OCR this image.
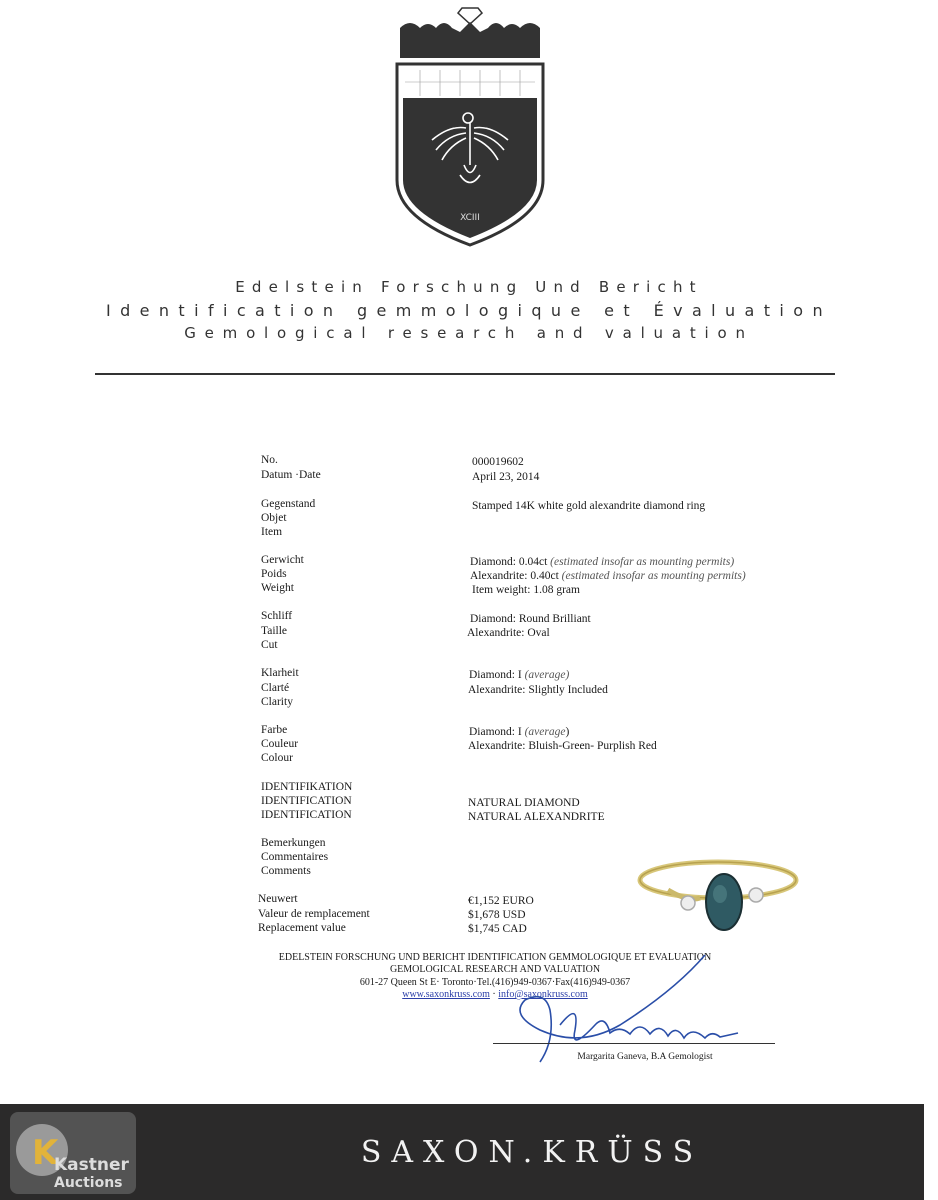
XCIII
Edelstein Forschung Und Bericht
Identification gemmologique et Évaluation
Gemological research and valuation
No.	000019602
Datum ·Date	April 23, 2014
Gegenstand
Objet
Item
Stamped 14K white gold alexandrite diamond ring
Gerwicht
Poids
Weight
Diamond: 0.04ct (estimated insofar as mounting permits)
Alexandrite: 0.40ct (estimated insofar as mounting permits)
Item weight: 1.08 gram
Schliff
Taille
Cut
Diamond: Round Brilliant
Alexandrite: Oval
Klarheit
Clarté
Clarity
Diamond: I (average)
Alexandrite: Slightly Included
Farbe
Couleur
Colour
Diamond: I (average)
Alexandrite: Bluish-Green- Purplish Red
IDENTIFIKATION
IDENTIFICATION
IDENTIFICATION
NATURAL DIAMOND
NATURAL ALEXANDRITE
Bemerkungen
Commentaires
Comments
Neuwert
Valeur de remplacement
Replacement value
€1,152 EURO
$1,678 USD
$1,745 CAD
EDELSTEIN FORSCHUNG UND BERICHT IDENTIFICATION GEMMOLOGIQUE ET EVALUATION
GEMOLOGICAL RESEARCH AND VALUATION
601-27 Queen St E· Toronto·Tel.(416)949-0367·Fax(416)949-0367
www.saxonkruss.com · info@saxonkruss.com
Margarita Ganeva, B.A Gemologist
SAXON.KRÜSS
K
Kastner
Auctions
